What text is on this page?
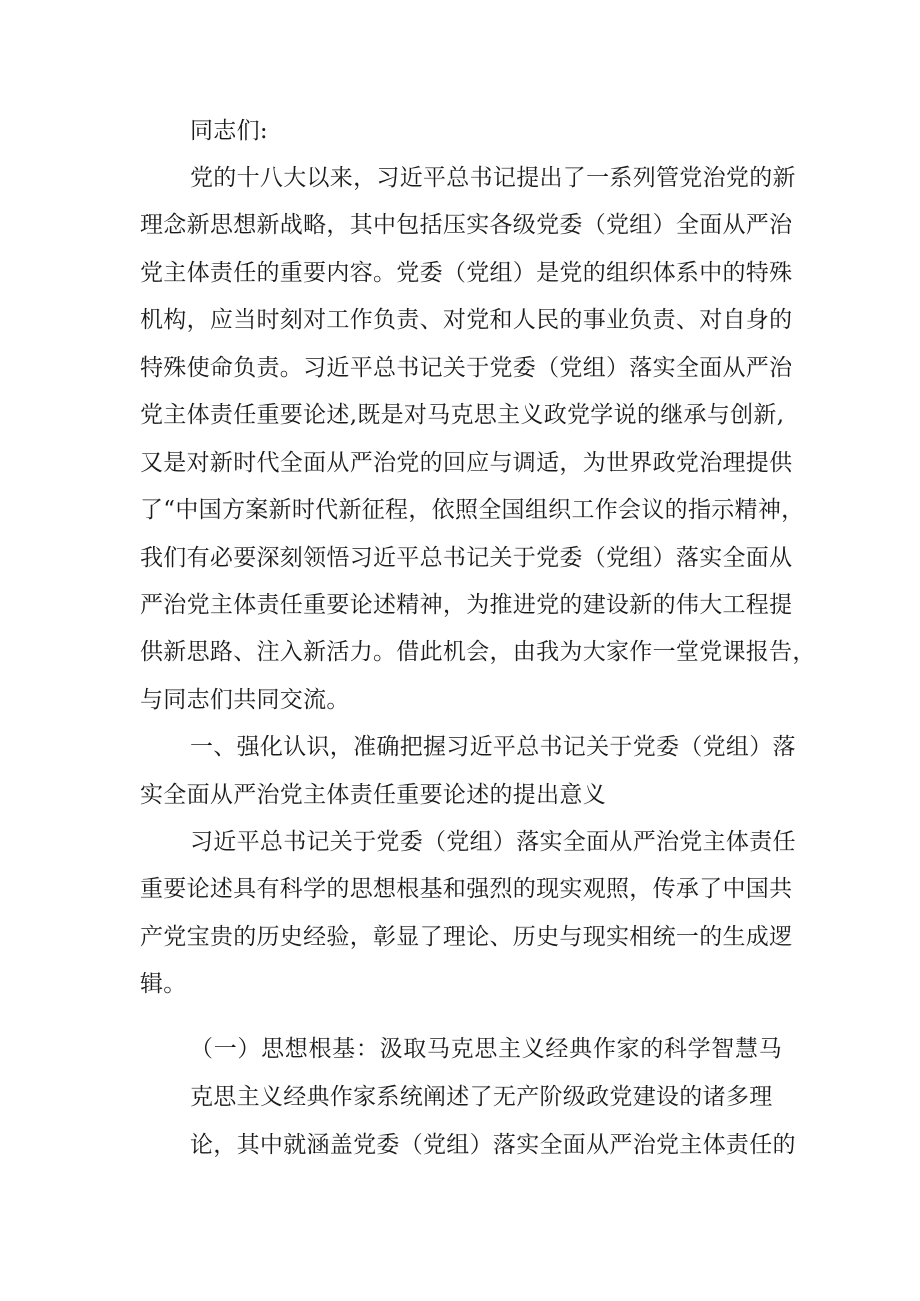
同志们:
党的十八大以来，习近平总书记提出了一系列管党治党的新
理念新思想新战略，其中包括压实各级党委（党组）全面从严治
党主体责任的重要内容。党委（党组）是党的组织体系中的特殊
机构，应当时刻对工作负责、对党和人民的事业负责、对自身的
特殊使命负责。习近平总书记关于党委（党组）落实全面从严治
党主体责任重要论述,既是对马克思主义政党学说的继承与创新,
又是对新时代全面从严治党的回应与调适，为世界政党治理提供
了“中国方案新时代新征程，依照全国组织工作会议的指示精神，
我们有必要深刻领悟习近平总书记关于党委（党组）落实全面从
严治党主体责任重要论述精神，为推进党的建设新的伟大工程提
供新思路、注入新活力。借此机会，由我为大家作一堂党课报告，
与同志们共同交流。
一、强化认识，准确把握习近平总书记关于党委（党组）落
实全面从严治党主体责任重要论述的提出意义
习近平总书记关于党委（党组）落实全面从严治党主体责任
重要论述具有科学的思想根基和强烈的现实观照，传承了中国共
产党宝贵的历史经验，彰显了理论、历史与现实相统一的生成逻
辑。
（一）思想根基：汲取马克思主义经典作家的科学智慧马
克思主义经典作家系统阐述了无产阶级政党建设的诸多理
论，其中就涵盖党委（党组）落实全面从严治党主体责任的
